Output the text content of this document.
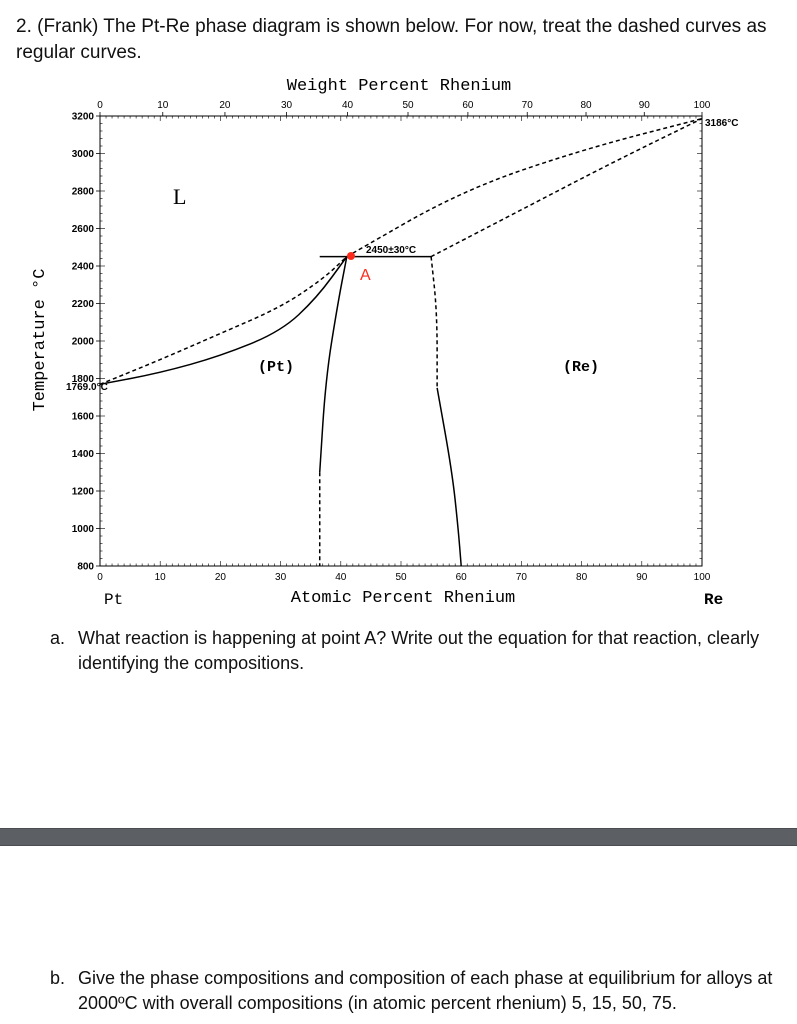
2. (Frank) The Pt-Re phase diagram is shown below. For now, treat the dashed curves as regular curves.

3200
3000
2800
2600
2400
2200
2000
1800
1600
1400
1200
1000
800
0	10	20	30	40	50	60	70	80	90	100
0	10	20	30	40	50	60	70	80	90	100
Weight Percent Rhenium
Atomic Percent Rhenium
Temperature °C
Pt	Re
1769.0°C
3186°C
2450±30°C
A
L
(Pt)	(Re)
a. What reaction is happening at point A? Write out the equation for that reaction, clearly identifying the compositions.
b. Give the phase compositions and composition of each phase at equilibrium for alloys at 2000ºC with overall compositions (in atomic percent rhenium) 5, 15, 50, 75.
